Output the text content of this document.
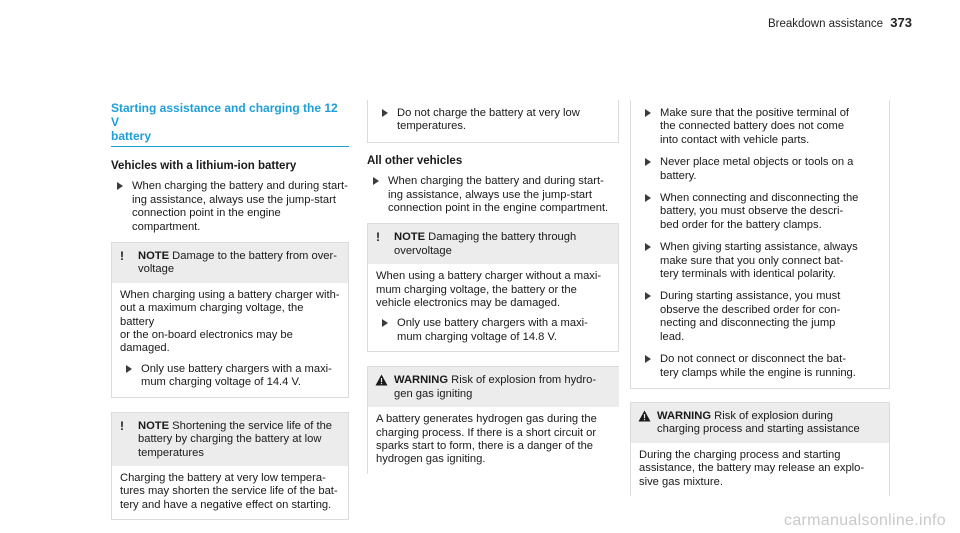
Breakdown assistance 373
Starting assistance and charging the 12 V
battery
Vehicles with a lithium-ion battery
When charging the battery and during start-
ing assistance, always use the jump-start
connection point in the engine compartment.
! NOTE Damage to the battery from over-
voltage
When charging using a battery charger with-
out a maximum charging voltage, the battery
or the on-board electronics may be damaged.
Only use battery chargers with a maxi-
mum charging voltage of 14.4 V.
! NOTE Shortening the service life of the
battery by charging the battery at low
temperatures
Charging the battery at very low tempera-
tures may shorten the service life of the bat-
tery and have a negative effect on starting.
Do not charge the battery at very low
temperatures.
All other vehicles
When charging the battery and during start-
ing assistance, always use the jump-start
connection point in the engine compartment.
! NOTE Damaging the battery through
overvoltage
When using a battery charger without a maxi-
mum charging voltage, the battery or the
vehicle electronics may be damaged.
Only use battery chargers with a maxi-
mum charging voltage of 14.8 V.
WARNING Risk of explosion from hydro-
gen gas igniting
A battery generates hydrogen gas during the
charging process. If there is a short circuit or
sparks start to form, there is a danger of the
hydrogen gas igniting.
Make sure that the positive terminal of
the connected battery does not come
into contact with vehicle parts.
Never place metal objects or tools on a
battery.
When connecting and disconnecting the
battery, you must observe the descri-
bed order for the battery clamps.
When giving starting assistance, always
make sure that you only connect bat-
tery terminals with identical polarity.
During starting assistance, you must
observe the described order for con-
necting and disconnecting the jump
lead.
Do not connect or disconnect the bat-
tery clamps while the engine is running.
WARNING Risk of explosion during
charging process and starting assistance
During the charging process and starting
assistance, the battery may release an explo-
sive gas mixture.
carmanualsonline.info
